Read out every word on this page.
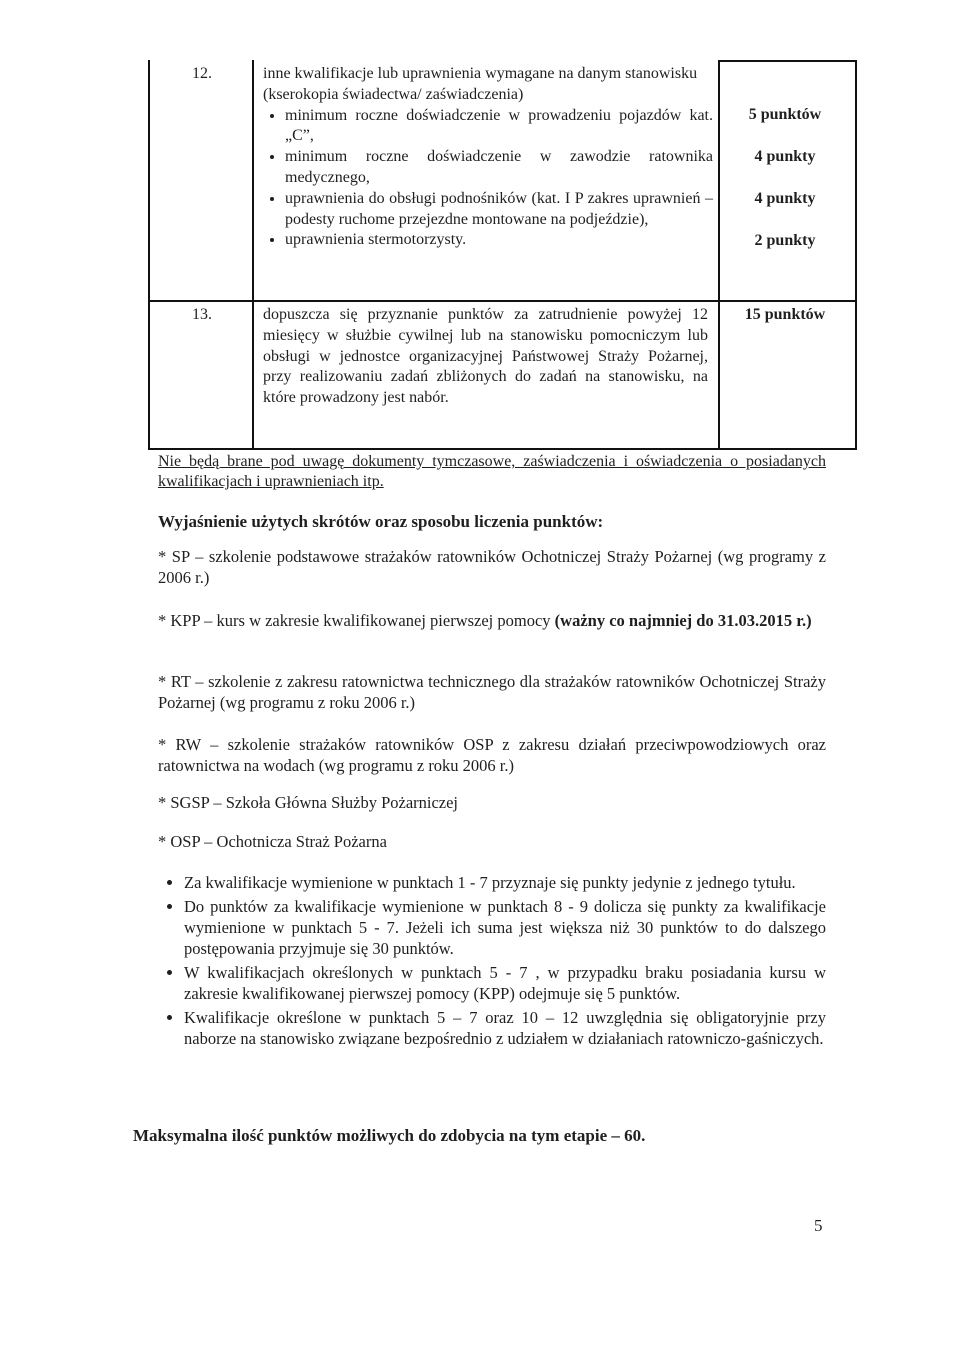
12.	inne kwalifikacje lub uprawnienia wymagane na danym stanowisku (kserokopia świadectwa/ zaświadczenia)
• minimum roczne doświadczenie w prowadzeniu pojazdów kat. „C”,
• minimum roczne doświadczenie w zawodzie ratownika medycznego,
• uprawnienia do obsługi podnośników (kat. I P zakres uprawnień – podesty ruchome przejezdne montowane na podjeździe),
• uprawnienia stermotorzysty.
5 punktów
4 punkty
4 punkty
2 punkty
13.	dopuszcza się przyznanie punktów za zatrudnienie powyżej 12 miesięcy w służbie cywilnej lub na stanowisku pomocniczym lub obsługi w jednostce organizacyjnej Państwowej Straży Pożarnej, przy realizowaniu zadań zbliżonych do zadań na stanowisku, na które prowadzony jest nabór.
15 punktów
Nie będą brane pod uwagę dokumenty tymczasowe, zaświadczenia i oświadczenia o posiadanych kwalifikacjach i uprawnieniach itp.
Wyjaśnienie użytych skrótów oraz sposobu liczenia punktów:
* SP – szkolenie podstawowe strażaków ratowników Ochotniczej Straży Pożarnej (wg programy z 2006 r.)
* KPP – kurs w zakresie kwalifikowanej pierwszej pomocy (ważny co najmniej do 31.03.2015 r.)
* RT – szkolenie z zakresu ratownictwa technicznego dla strażaków ratowników Ochotniczej Straży Pożarnej (wg programu z roku 2006 r.)
* RW – szkolenie strażaków ratowników OSP z zakresu działań przeciwpowodziowych oraz ratownictwa na wodach (wg programu z roku 2006 r.)
* SGSP – Szkoła Główna Służby Pożarniczej
* OSP – Ochotnicza Straż Pożarna
• Za kwalifikacje wymienione w punktach 1 - 7 przyznaje się punkty jedynie z jednego tytułu.
• Do punktów za kwalifikacje wymienione w punktach 8 - 9 dolicza się punkty za kwalifikacje wymienione w punktach 5 - 7. Jeżeli ich suma jest większa niż 30 punktów to do dalszego postępowania przyjmuje się 30 punktów.
• W kwalifikacjach określonych w punktach 5 - 7 , w przypadku braku posiadania kursu w zakresie kwalifikowanej pierwszej pomocy (KPP) odejmuje się 5 punktów.
• Kwalifikacje określone w punktach 5 – 7 oraz 10 – 12 uwzględnia się obligatoryjnie przy naborze na stanowisko związane bezpośrednio z udziałem w działaniach ratowniczo-gaśniczych.
Maksymalna ilość punktów możliwych do zdobycia na tym etapie – 60.
5
